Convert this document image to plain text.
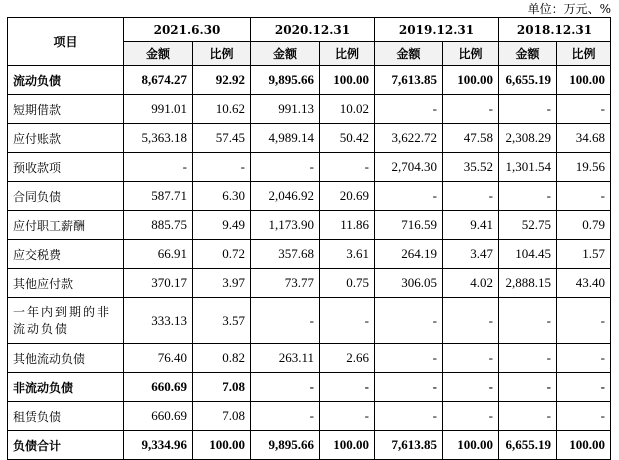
单位：万元、%
项目	2021.6.30		2020.12.31		2019.12.31		2018.12.31	
	金额	比例	金额	比例	金额	比例	金额	比例
流动负债	8,674.27	92.92	9,895.66	100.00	7,613.85	100.00	6,655.19	100.00
短期借款	991.01	10.62	991.13	10.02	-	-	-	-
应付账款	5,363.18	57.45	4,989.14	50.42	3,622.72	47.58	2,308.29	34.68
预收款项	-	-	-	-	2,704.30	35.52	1,301.54	19.56
合同负债	587.71	6.30	2,046.92	20.69	-	-	-	-
应付职工薪酬	885.75	9.49	1,173.90	11.86	716.59	9.41	52.75	0.79
应交税费	66.91	0.72	357.68	3.61	264.19	3.47	104.45	1.57
其他应付款	370.17	3.97	73.77	0.75	306.05	4.02	2,888.15	43.40
一年内到期的非流动负债	333.13	3.57	-	-	-	-	-	-
其他流动负债	76.40	0.82	263.11	2.66	-	-	-	-
非流动负债	660.69	7.08	-	-	-	-	-	-
租赁负债	660.69	7.08	-	-	-	-	-	-
负债合计	9,334.96	100.00	9,895.66	100.00	7,613.85	100.00	6,655.19	100.00
